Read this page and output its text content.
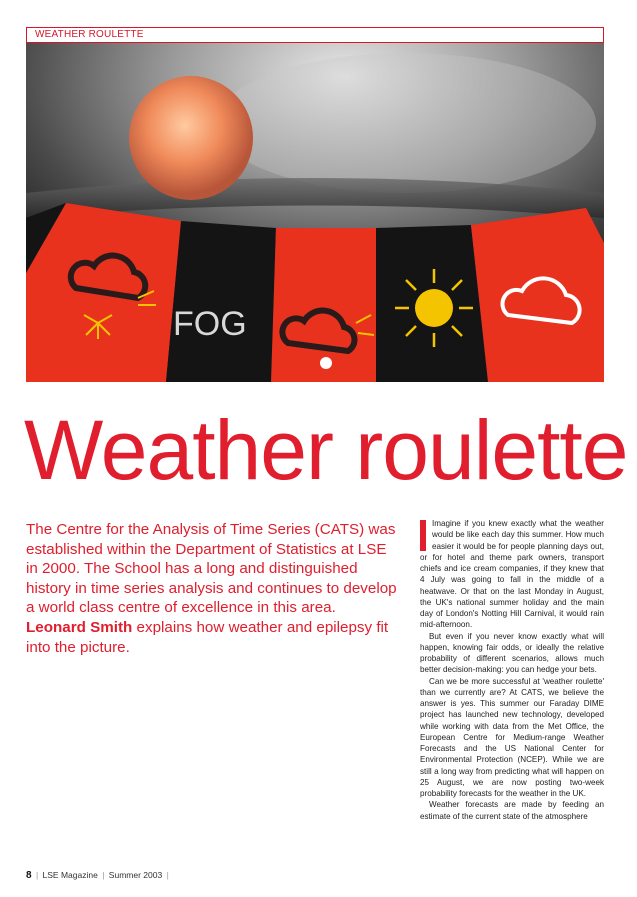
WEATHER ROULETTE
FOG
Weather roulette

The Centre for the Analysis of Time Series (CATS) was established within the Department of Statistics at LSE in 2000. The School has a long and distinguished history in time series analysis and continues to develop a world class centre of excellence in this area. Leonard Smith explains how weather and epilepsy fit into the picture.

Imagine if you knew exactly what the weather would be like each day this summer. How much easier it would be for people planning days out, or for hotel and theme park owners, transport chiefs and ice cream companies, if they knew that 4 July was going to fall in the middle of a heatwave. Or that on the last Monday in August, the UK's national summer holiday and the main day of London's Notting Hill Carnival, it would rain mid-afternoon.

But even if you never know exactly what will happen, knowing fair odds, or ideally the relative probability of different scenarios, allows much better decision-making: you can hedge your bets.

Can we be more successful at 'weather roulette' than we currently are? At CATS, we believe the answer is yes. This summer our Faraday DIME project has launched new technology, developed while working with data from the Met Office, the European Centre for Medium-range Weather Forecasts and the US National Center for Environmental Protection (NCEP). While we are still a long way from predicting what will happen on 25 August, we are now posting two-week probability forecasts for the weather in the UK.

Weather forecasts are made by feeding an estimate of the current state of the atmosphere

8 | LSE Magazine | Summer 2003 |
